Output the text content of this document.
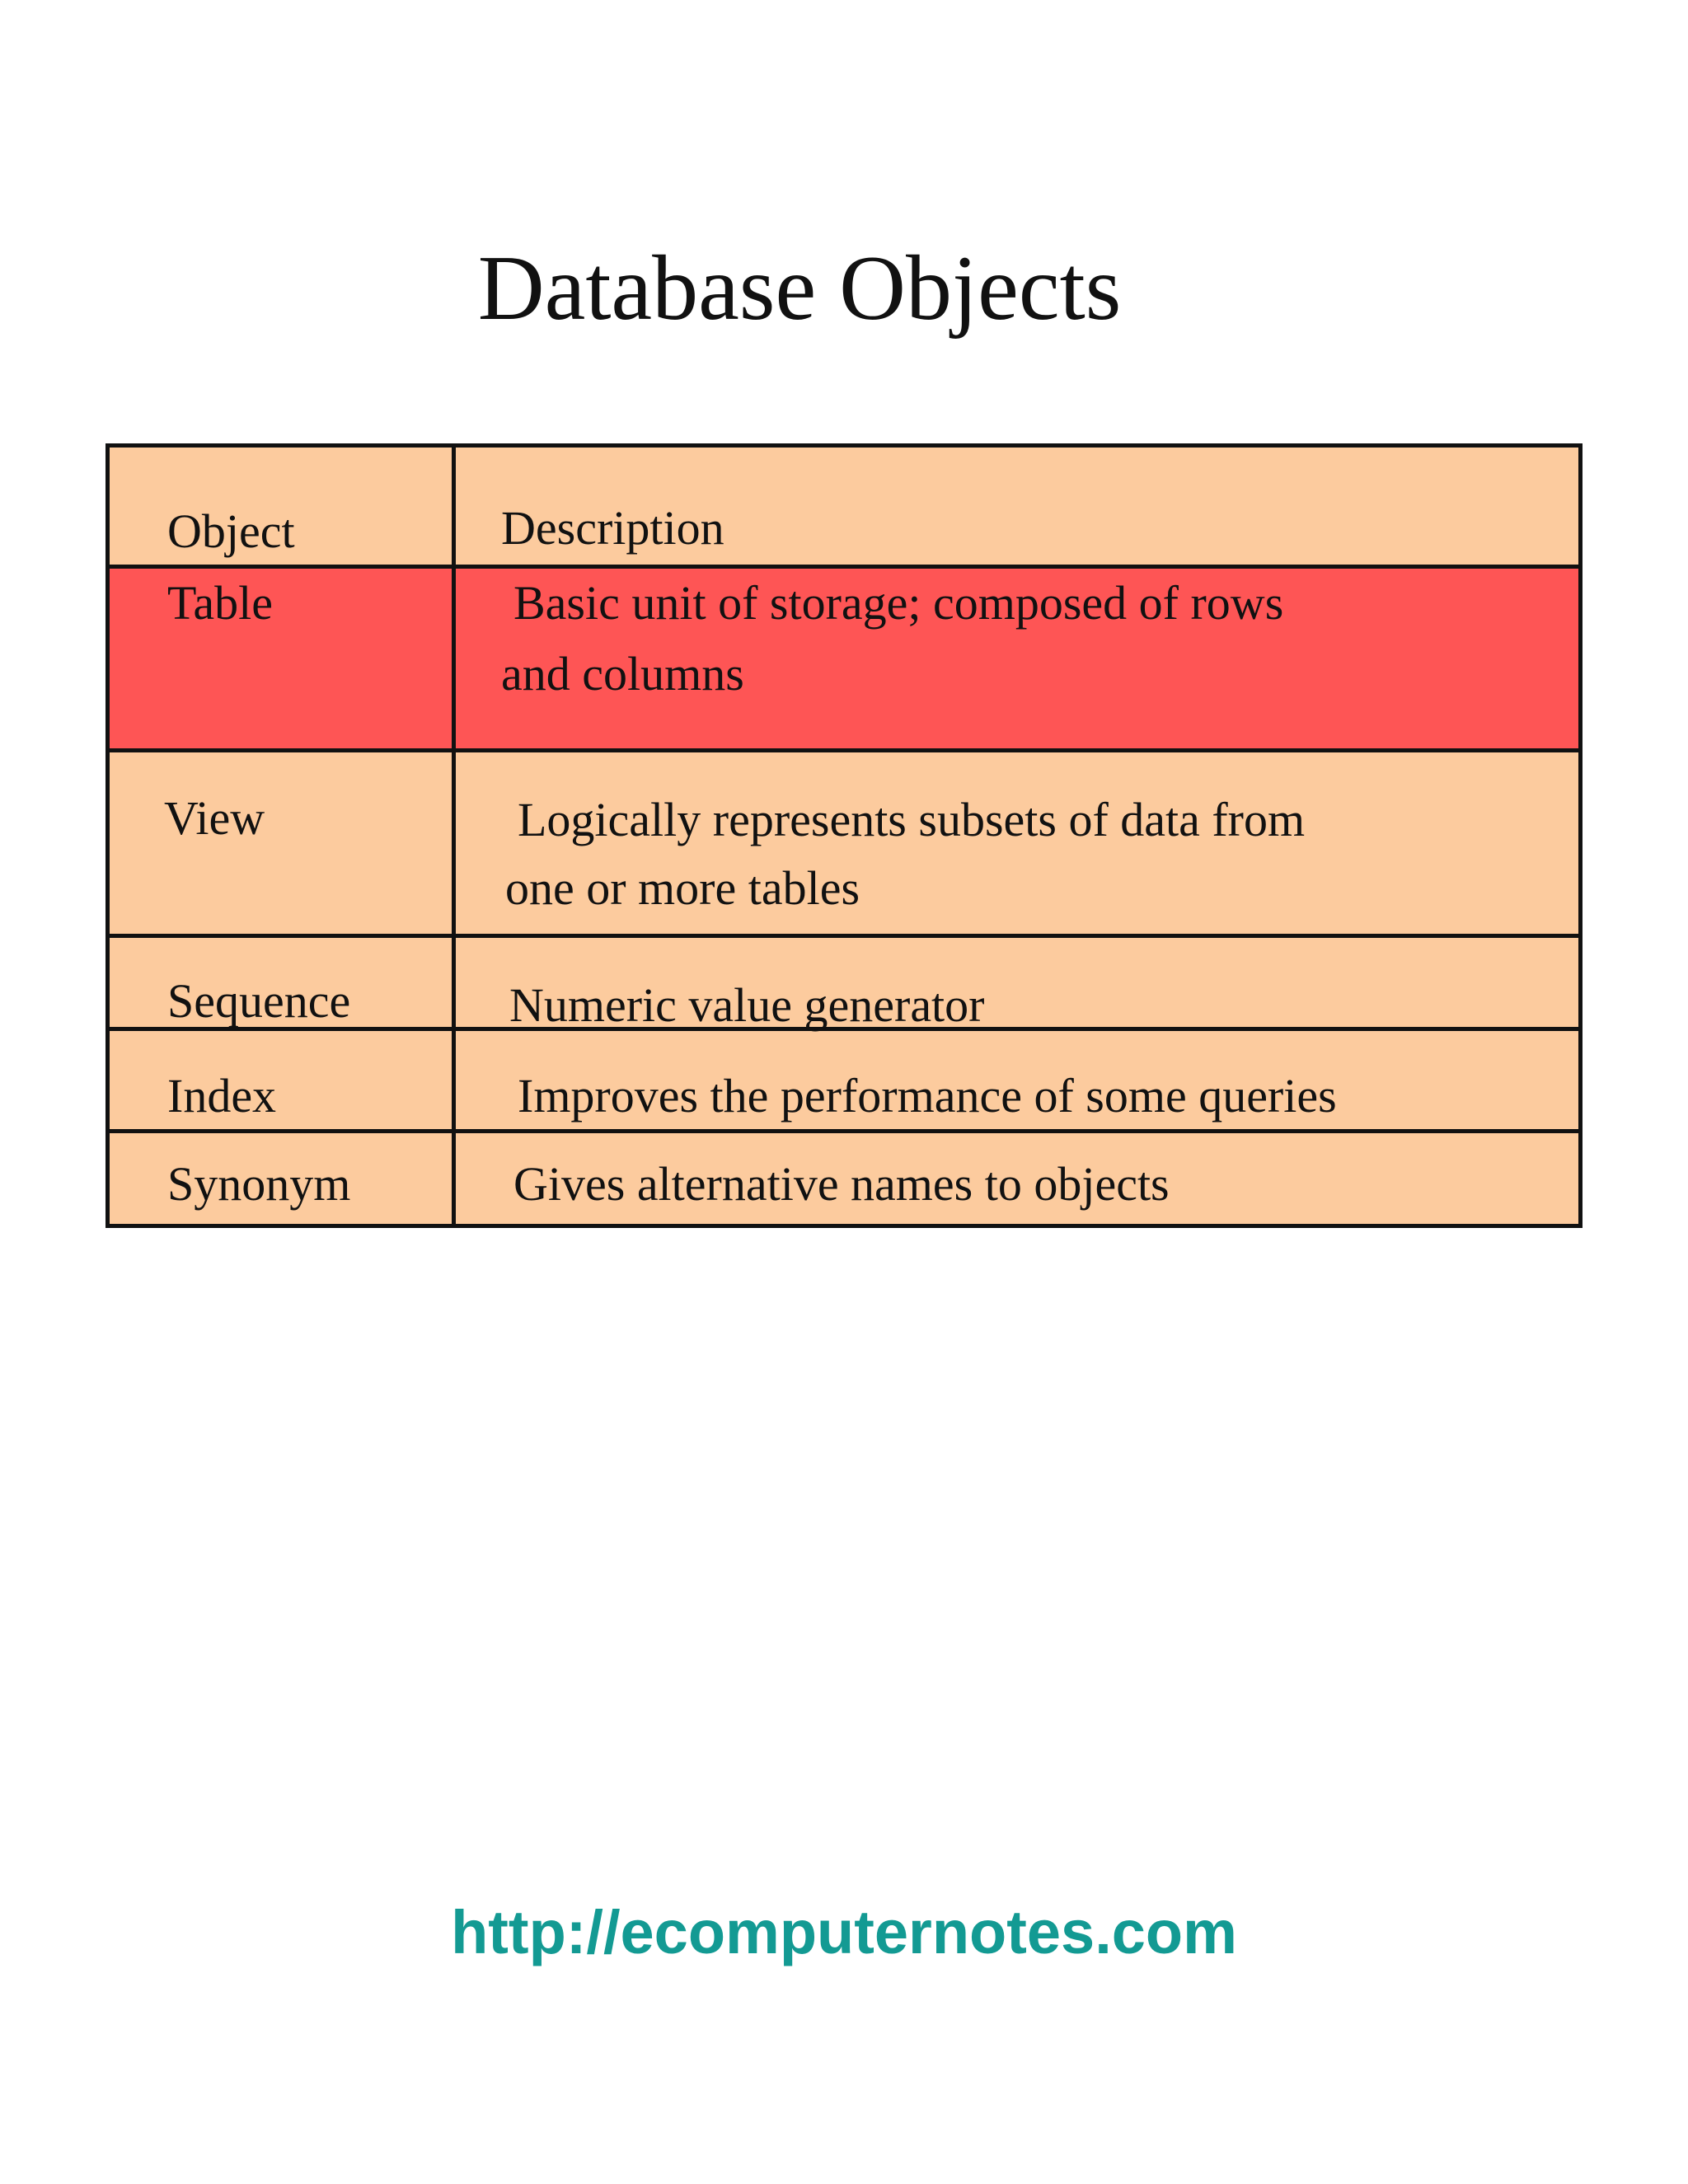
Database Objects
Object	Description
Table	Basic unit of storage; composed of rows
and columns
View	Logically represents subsets of data from
one or more tables
Sequence	Numeric value generator
Index	Improves the performance of some queries
Synonym	Gives alternative names to objects
http://ecomputernotes.com
